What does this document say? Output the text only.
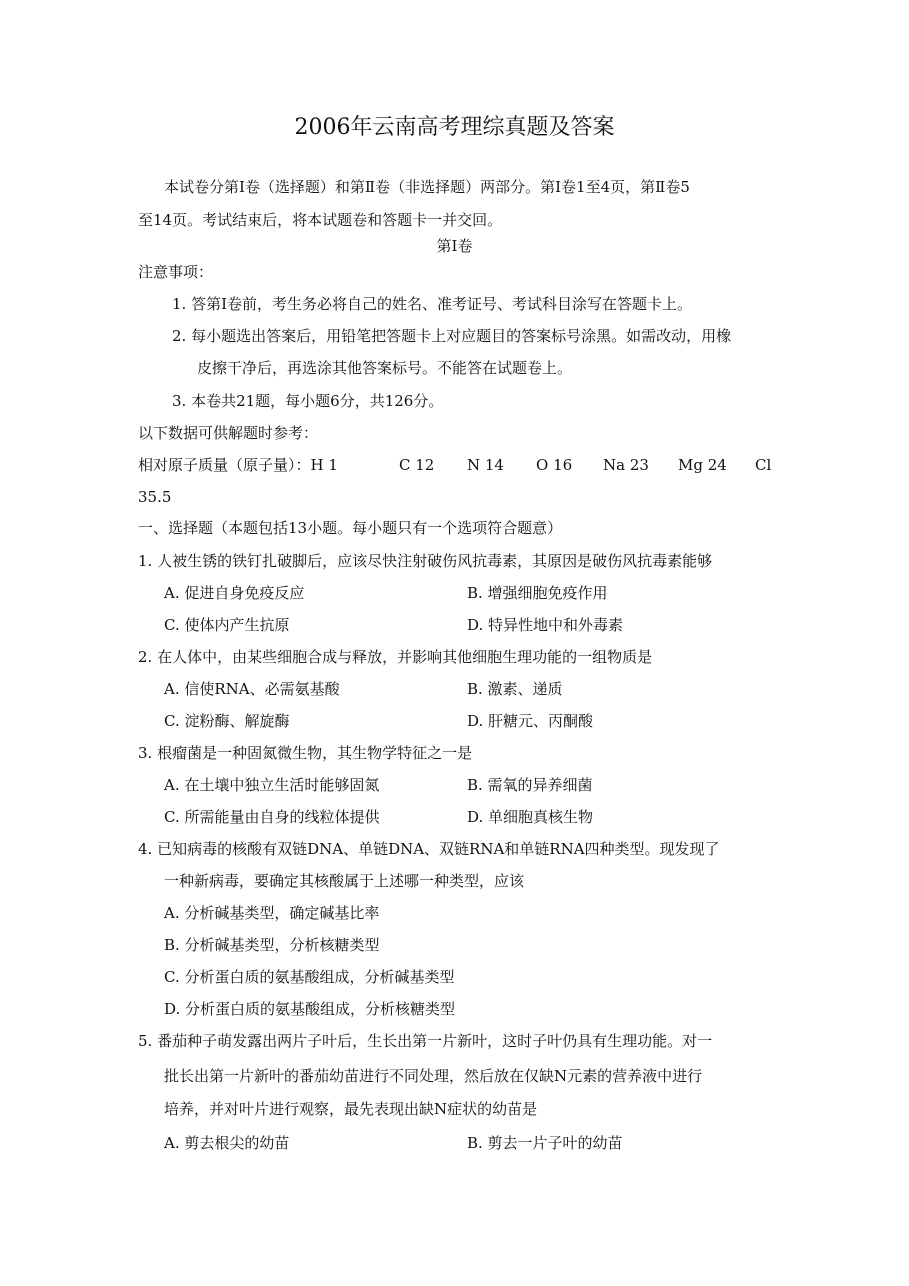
2006年云南高考理综真题及答案
本试卷分第Ⅰ卷（选择题）和第Ⅱ卷（非选择题）两部分。第Ⅰ卷1至4页，第Ⅱ卷5
至14页。考试结束后，将本试题卷和答题卡一并交回。
第Ⅰ卷
注意事项：
1. 答第Ⅰ卷前，考生务必将自己的姓名、准考证号、考试科目涂写在答题卡上。
2. 每小题选出答案后，用铅笔把答题卡上对应题目的答案标号涂黑。如需改动，用橡
皮擦干净后，再选涂其他答案标号。不能答在试题卷上。
3. 本卷共21题，每小题6分，共126分。
以下数据可供解题时参考：
相对原子质量（原子量）：H 1	C 12 N 14 O 16 Na 23 Mg 24 Cl
35.5
一、选择题（本题包括13小题。每小题只有一个选项符合题意）
1. 人被生锈的铁钉扎破脚后，应该尽快注射破伤风抗毒素，其原因是破伤风抗毒素能够
A. 促进自身免疫反应	B. 增强细胞免疫作用
C. 使体内产生抗原	D. 特异性地中和外毒素
2. 在人体中，由某些细胞合成与释放，并影响其他细胞生理功能的一组物质是
A. 信使RNA、必需氨基酸	B. 激素、递质
C. 淀粉酶、解旋酶	D. 肝糖元、丙酮酸
3. 根瘤菌是一种固氮微生物，其生物学特征之一是
A. 在土壤中独立生活时能够固氮	B. 需氧的异养细菌
C. 所需能量由自身的线粒体提供	D. 单细胞真核生物
4. 已知病毒的核酸有双链DNA、单链DNA、双链RNA和单链RNA四种类型。现发现了
一种新病毒，要确定其核酸属于上述哪一种类型，应该
A. 分析碱基类型，确定碱基比率
B. 分析碱基类型，分析核糖类型
C. 分析蛋白质的氨基酸组成，分析碱基类型
D. 分析蛋白质的氨基酸组成，分析核糖类型
5. 番茄种子萌发露出两片子叶后，生长出第一片新叶，这时子叶仍具有生理功能。对一
批长出第一片新叶的番茄幼苗进行不同处理，然后放在仅缺N元素的营养液中进行
培养，并对叶片进行观察，最先表现出缺N症状的幼苗是
A. 剪去根尖的幼苗	B. 剪去一片子叶的幼苗
